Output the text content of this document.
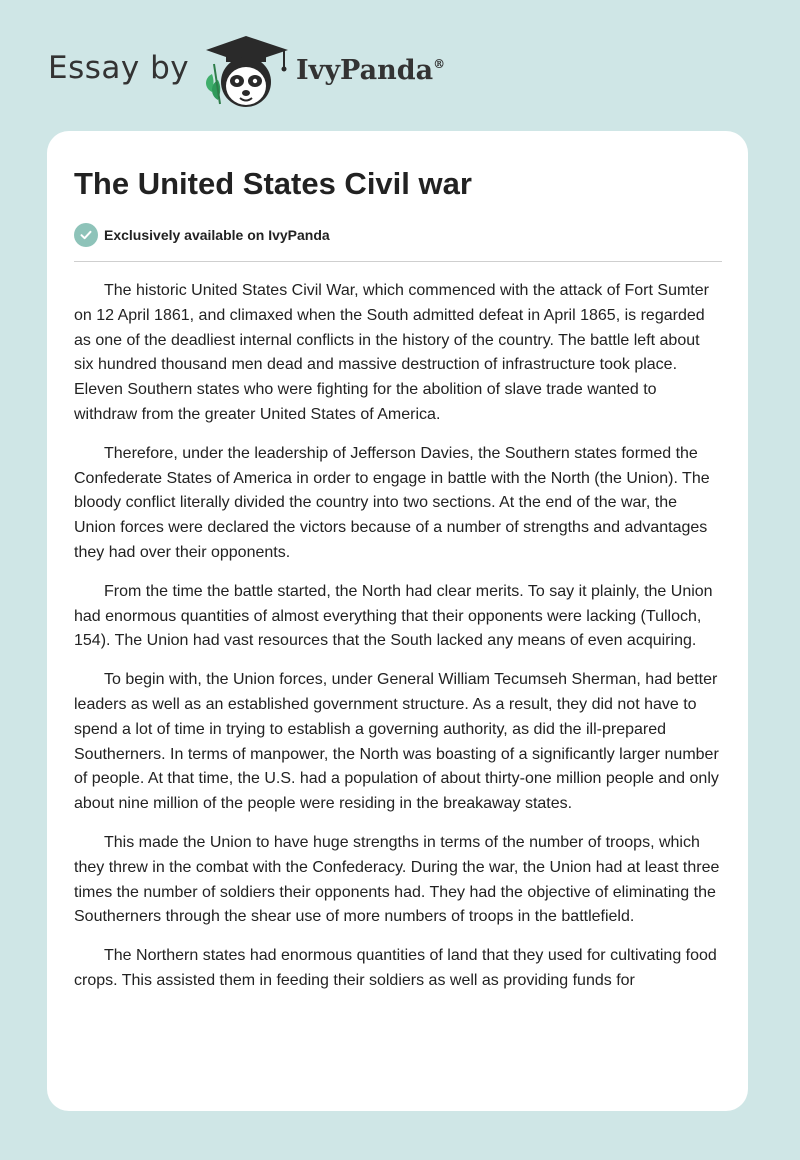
Essay by	IvyPanda®
The United States Civil war
Exclusively available on IvyPanda

The historic United States Civil War, which commenced with the attack of Fort Sumter on 12 April 1861, and climaxed when the South admitted defeat in April 1865, is regarded as one of the deadliest internal conflicts in the history of the country. The battle left about six hundred thousand men dead and massive destruction of infrastructure took place. Eleven Southern states who were fighting for the abolition of slave trade wanted to withdraw from the greater United States of America.

Therefore, under the leadership of Jefferson Davies, the Southern states formed the Confederate States of America in order to engage in battle with the North (the Union). The bloody conflict literally divided the country into two sections. At the end of the war, the Union forces were declared the victors because of a number of strengths and advantages they had over their opponents.

From the time the battle started, the North had clear merits. To say it plainly, the Union had enormous quantities of almost everything that their opponents were lacking (Tulloch, 154). The Union had vast resources that the South lacked any means of even acquiring.

To begin with, the Union forces, under General William Tecumseh Sherman, had better leaders as well as an established government structure. As a result, they did not have to spend a lot of time in trying to establish a governing authority, as did the ill-prepared Southerners. In terms of manpower, the North was boasting of a significantly larger number of people. At that time, the U.S. had a population of about thirty-one million people and only about nine million of the people were residing in the breakaway states.

This made the Union to have huge strengths in terms of the number of troops, which they threw in the combat with the Confederacy. During the war, the Union had at least three times the number of soldiers their opponents had. They had the objective of eliminating the Southerners through the shear use of more numbers of troops in the battlefield.

The Northern states had enormous quantities of land that they used for cultivating food crops. This assisted them in feeding their soldiers as well as providing funds for
